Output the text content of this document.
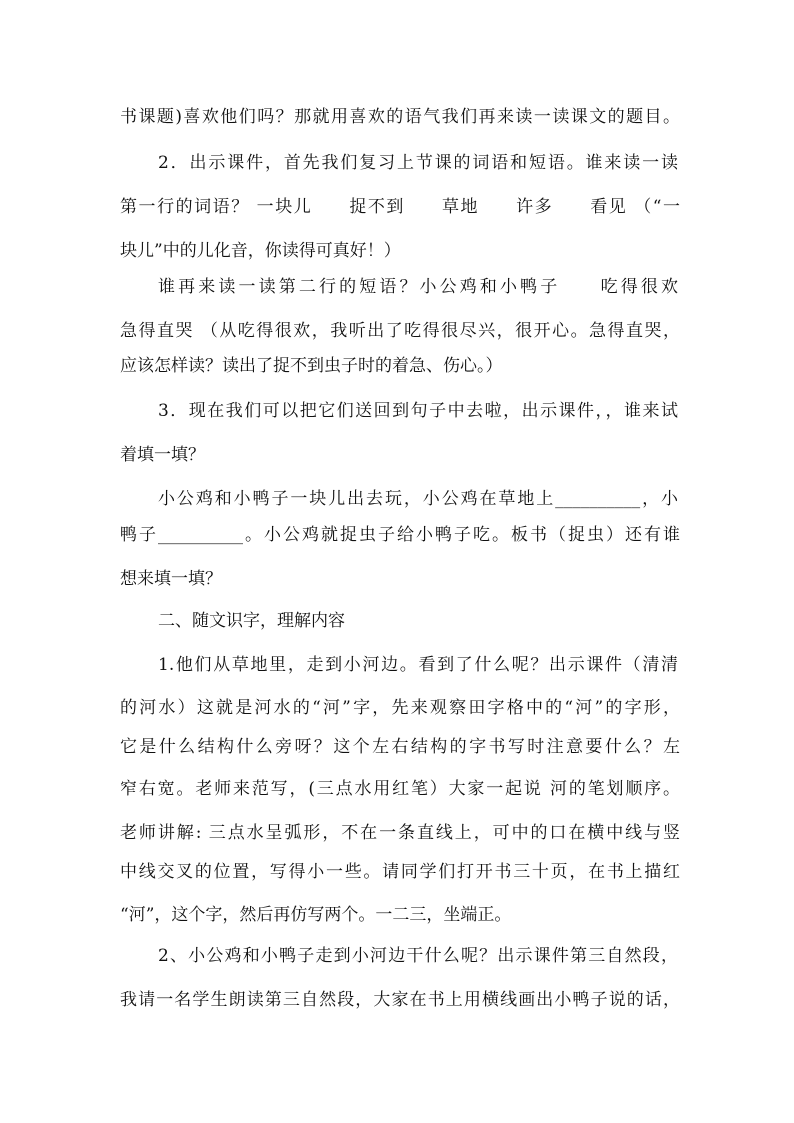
书课题)喜欢他们吗？那就用喜欢的语气我们再来读一读课文的题目。
2．出示课件，首先我们复习上节课的词语和短语。谁来读一读
第一行的词语？ 一块儿　　捉不到　　草地　　许多　　看见 （“一
块儿”中的儿化音，你读得可真好！）
谁再来读一读第二行的短语？小公鸡和小鸭子　　吃得很欢
急得直哭 （从吃得很欢，我听出了吃得很尽兴，很开心。急得直哭，
应该怎样读？读出了捉不到虫子时的着急、伤心。）
3．现在我们可以把它们送回到句子中去啦，出示课件，，谁来试
着填一填？
小公鸡和小鸭子一块儿出去玩，小公鸡在草地上__________，小
鸭子__________。小公鸡就捉虫子给小鸭子吃。板书（捉虫）还有谁
想来填一填？
二、随文识字，理解内容
1.他们从草地里，走到小河边。看到了什么呢？出示课件（清清
的河水）这就是河水的“河”字，先来观察田字格中的“河”的字形，
它是什么结构什么旁呀？这个左右结构的字书写时注意要什么？左
窄右宽。老师来范写，(三点水用红笔）大家一起说 河的笔划顺序。
老师讲解: 三点水呈弧形，不在一条直线上，可中的口在横中线与竖
中线交叉的位置，写得小一些。请同学们打开书三十页，在书上描红
“河”，这个字，然后再仿写两个。一二三，坐端正。
2、小公鸡和小鸭子走到小河边干什么呢？出示课件第三自然段，
我请一名学生朗读第三自然段，大家在书上用横线画出小鸭子说的话，
